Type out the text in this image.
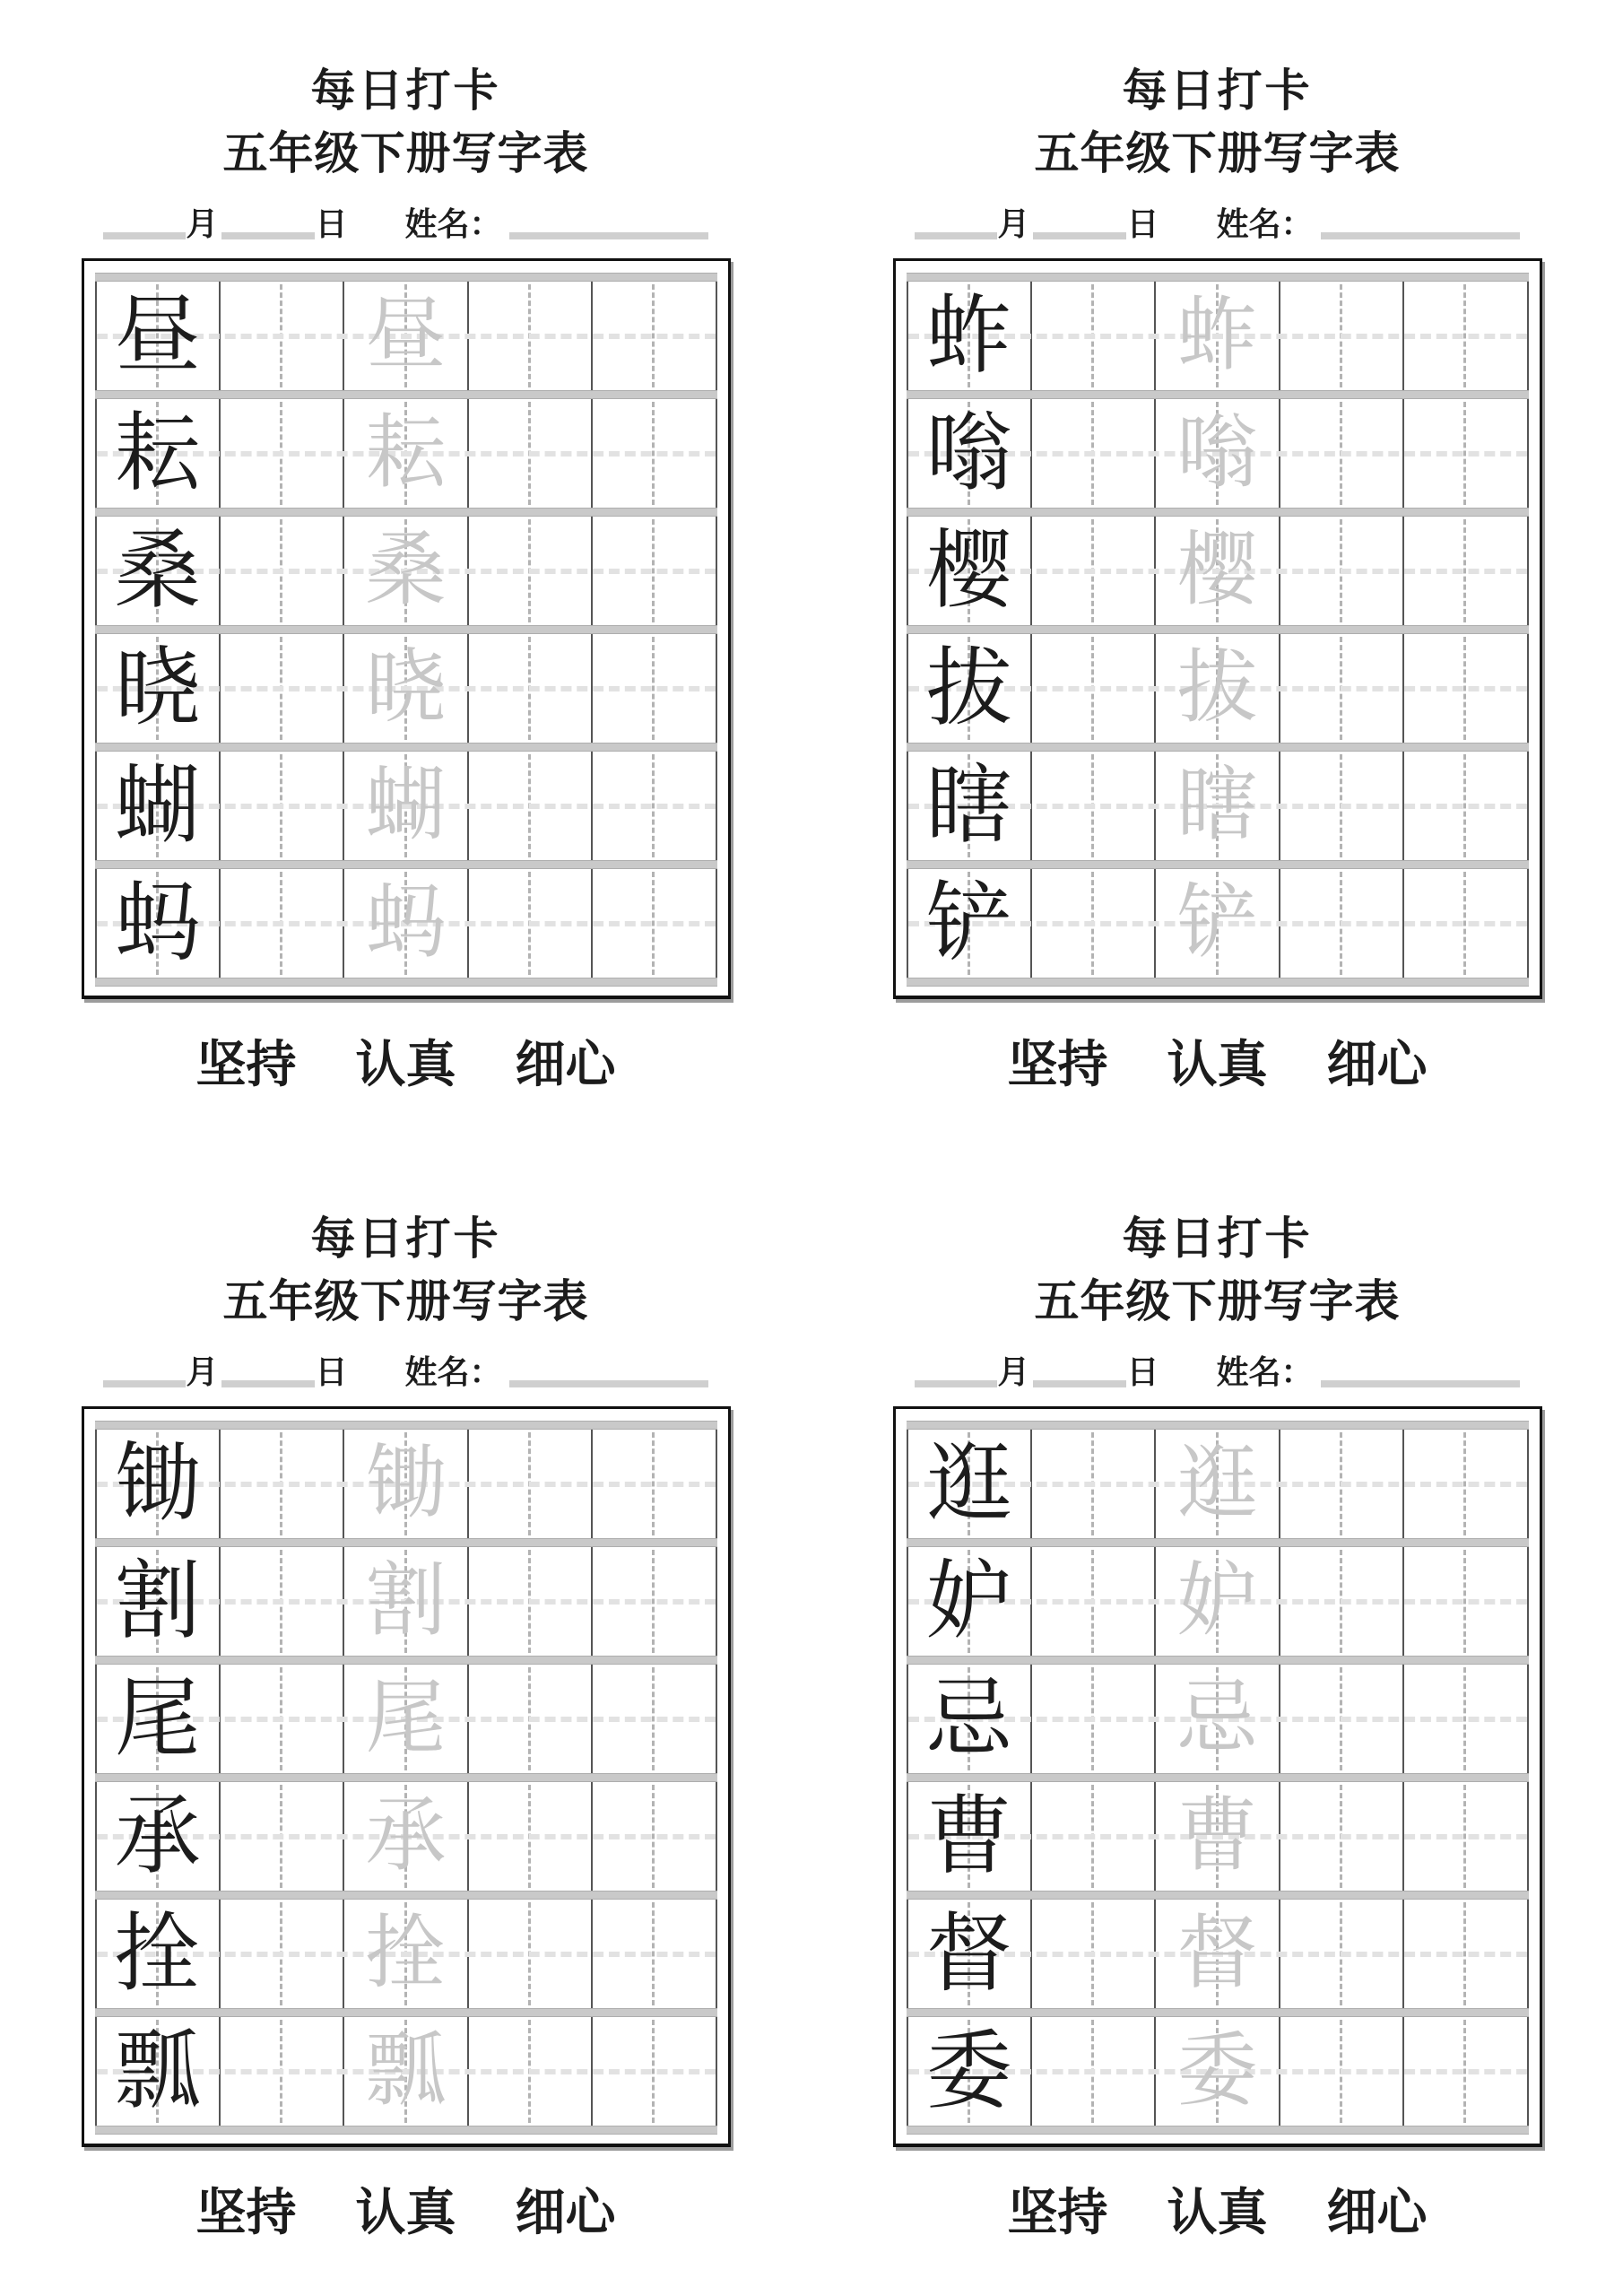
每日打卡
五年级下册写字表
月	日 姓名：
昼 昼
耘 耘
桑 桑
晓 晓
蝴 蝴
蚂 蚂
坚持 认真 细心
每日打卡
五年级下册写字表
月	日 姓名：
蚱 蚱
嗡 嗡
樱 樱
拔 拔
瞎 瞎
铲 铲
坚持 认真 细心
每日打卡
五年级下册写字表
月	日 姓名：
锄 锄
割 割
尾 尾
承 承
拴 拴
瓢 瓢
坚持 认真 细心
每日打卡
五年级下册写字表
月	日 姓名：
逛 逛
妒 妒
忌 忌
曹 曹
督 督
委 委
坚持 认真 细心
